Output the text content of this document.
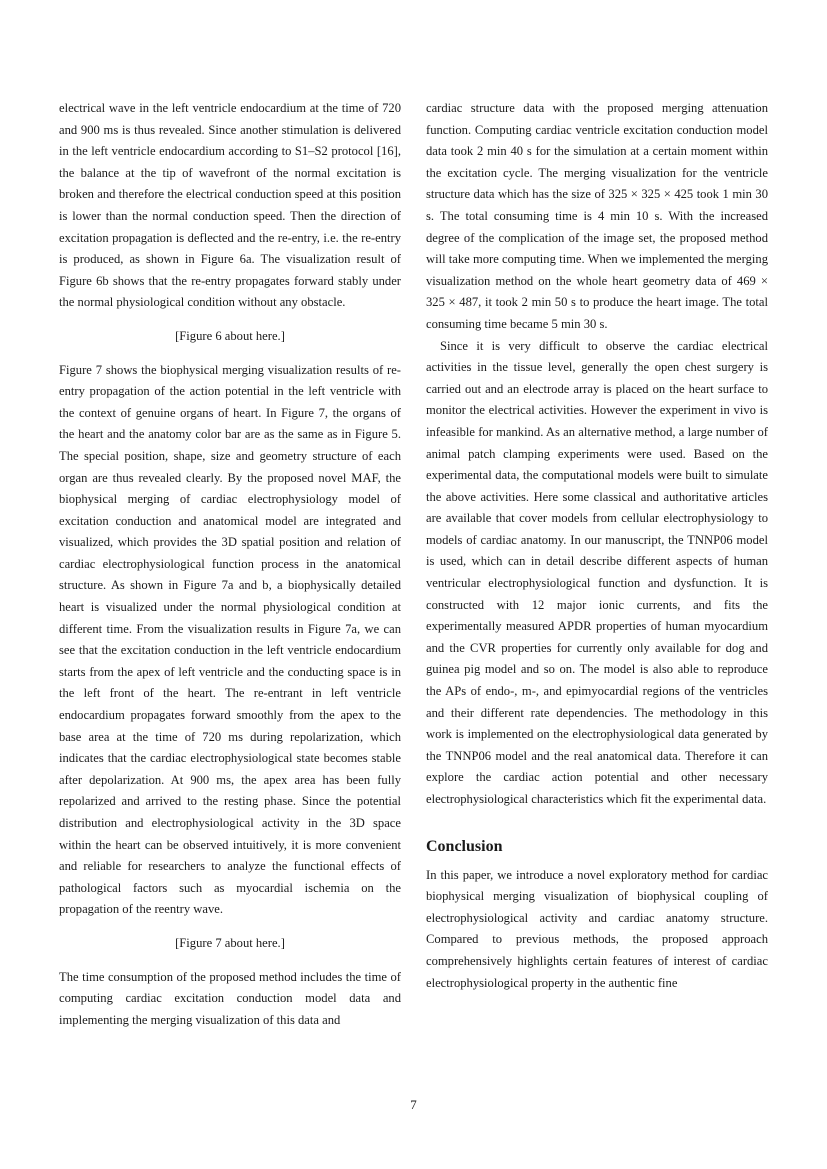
electrical wave in the left ventricle endocardium at the time of 720 and 900 ms is thus revealed. Since another stimulation is delivered in the left ventricle endocardium according to S1–S2 protocol [16], the balance at the tip of wavefront of the normal excitation is broken and therefore the electrical conduction speed at this position is lower than the normal conduction speed. Then the direction of excitation propagation is deflected and the re-entry, i.e. the re-entry is produced, as shown in Figure 6a. The visualization result of Figure 6b shows that the re-entry propagates forward stably under the normal physiological condition without any obstacle.

[Figure 6 about here.]

Figure 7 shows the biophysical merging visualization results of re-entry propagation of the action potential in the left ventricle with the context of genuine organs of heart. In Figure 7, the organs of the heart and the anatomy color bar are as the same as in Figure 5. The special position, shape, size and geometry structure of each organ are thus revealed clearly. By the proposed novel MAF, the biophysical merging of cardiac electrophysiology model of excitation conduction and anatomical model are integrated and visualized, which provides the 3D spatial position and relation of cardiac electrophysiological function process in the anatomical structure. As shown in Figure 7a and b, a biophysically detailed heart is visualized under the normal physiological condition at different time. From the visualization results in Figure 7a, we can see that the excitation conduction in the left ventricle endocardium starts from the apex of left ventricle and the conducting space is in the left front of the heart. The re-entrant in left ventricle endocardium propagates forward smoothly from the apex to the base area at the time of 720 ms during repolarization, which indicates that the cardiac electrophysiological state becomes stable after depolarization. At 900 ms, the apex area has been fully repolarized and arrived to the resting phase. Since the potential distribution and electrophysiological activity in the 3D space within the heart can be observed intuitively, it is more convenient and reliable for researchers to analyze the functional effects of pathological factors such as myocardial ischemia on the propagation of the reentry wave.

[Figure 7 about here.]

The time consumption of the proposed method includes the time of computing cardiac excitation conduction model data and implementing the merging visualization of this data and

cardiac structure data with the proposed merging attenuation function. Computing cardiac ventricle excitation conduction model data took 2 min 40 s for the simulation at a certain moment within the excitation cycle. The merging visualization for the ventricle structure data which has the size of 325 × 325 × 425 took 1 min 30 s. The total consuming time is 4 min 10 s. With the increased degree of the complication of the image set, the proposed method will take more computing time. When we implemented the merging visualization method on the whole heart geometry data of 469 × 325 × 487, it took 2 min 50 s to produce the heart image. The total consuming time became 5 min 30 s.

Since it is very difficult to observe the cardiac electrical activities in the tissue level, generally the open chest surgery is carried out and an electrode array is placed on the heart surface to monitor the electrical activities. However the experiment in vivo is infeasible for mankind. As an alternative method, a large number of animal patch clamping experiments were used. Based on the experimental data, the computational models were built to simulate the above activities. Here some classical and authoritative articles are available that cover models from cellular electrophysiology to models of cardiac anatomy. In our manuscript, the TNNP06 model is used, which can in detail describe different aspects of human ventricular electrophysiological function and dysfunction. It is constructed with 12 major ionic currents, and fits the experimentally measured APDR properties of human myocardium and the CVR properties for currently only available for dog and guinea pig model and so on. The model is also able to reproduce the APs of endo-, m-, and epimyocardial regions of the ventricles and their different rate dependencies. The methodology in this work is implemented on the electrophysiological data generated by the TNNP06 model and the real anatomical data. Therefore it can explore the cardiac action potential and other necessary electrophysiological characteristics which fit the experimental data.

Conclusion

In this paper, we introduce a novel exploratory method for cardiac biophysical merging visualization of biophysical coupling of electrophysiological activity and cardiac anatomy structure. Compared to previous methods, the proposed approach comprehensively highlights certain features of interest of cardiac electrophysiological property in the authentic fine

7
